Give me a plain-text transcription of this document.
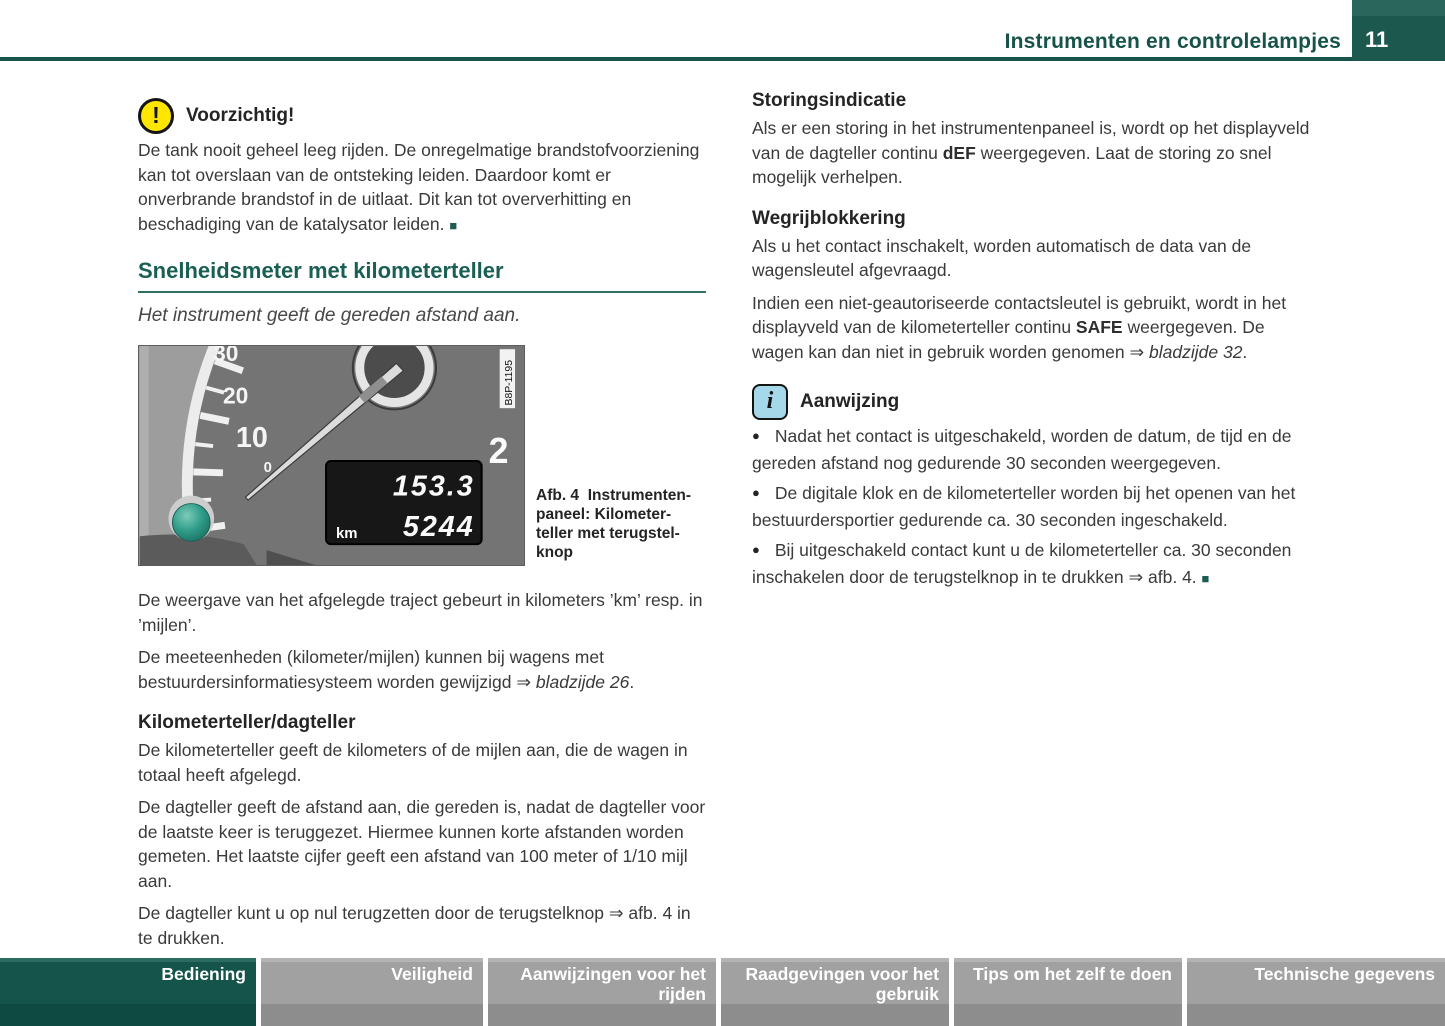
Instrumenten en controlelampjes	11
!	Voorzichtig!

De tank nooit geheel leeg rijden. De onregelmatige brandstofvoorziening kan tot overslaan van de ontsteking leiden. Daardoor komt er onverbrande brandstof in de uitlaat. Dit kan tot oververhitting en beschadiging van de katalysator leiden. ■

Snelheidsmeter met kilometerteller

Het instrument geeft de gereden afstand aan.

30
20
10
0
153.3
5244
km
2
B8P-1195
Afb. 4 Instrumenten-
paneel: Kilometer-
teller met terugstel-
knop

De weergave van het afgelegde traject gebeurt in kilometers ’km’ resp. in ’mijlen’.

De meeteenheden (kilometer/mijlen) kunnen bij wagens met bestuurdersinformatiesysteem worden gewijzigd ⇒ bladzijde 26.

Kilometerteller/dagteller

De kilometerteller geeft de kilometers of de mijlen aan, die de wagen in totaal heeft afgelegd.

De dagteller geeft de afstand aan, die gereden is, nadat de dagteller voor de laatste keer is teruggezet. Hiermee kunnen korte afstanden worden gemeten. Het laatste cijfer geeft een afstand van 100 meter of 1/10 mijl aan.

De dagteller kunt u op nul terugzetten door de terugstelknop ⇒ afb. 4 in te drukken.

Storingsindicatie

Als er een storing in het instrumentenpaneel is, wordt op het displayveld van de dagteller continu dEF weergegeven. Laat de storing zo snel mogelijk verhelpen.

Wegrijblokkering

Als u het contact inschakelt, worden automatisch de data van de wagensleutel afgevraagd.

Indien een niet-geautoriseerde contactsleutel is gebruikt, wordt in het displayveld van de kilometerteller continu SAFE weergegeven. De wagen kan dan niet in gebruik worden genomen ⇒ bladzijde 32.

i	Aanwijzing

● Nadat het contact is uitgeschakeld, worden de datum, de tijd en de gereden afstand nog gedurende 30 seconden weergegeven.

● De digitale klok en de kilometerteller worden bij het openen van het bestuurdersportier gedurende ca. 30 seconden ingeschakeld.

● Bij uitgeschakeld contact kunt u de kilometerteller ca. 30 seconden inschakelen door de terugstelknop in te drukken ⇒ afb. 4. ■

Bediening	Veiligheid	Aanwijzingen voor het rijden
Raadgevingen voor het gebruik
Tips om het zelf te doen	Technische gegevens
